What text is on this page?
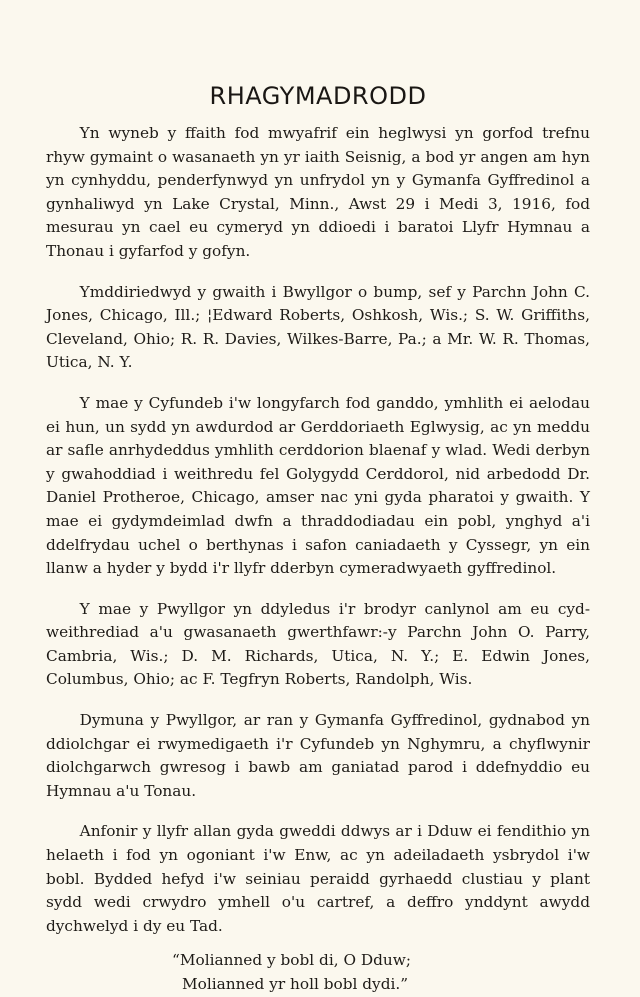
RHAGYMADRODD

Yn wyneb y ffaith fod mwyafrif ein heglwysi yn gorfod trefnu rhyw gymaint o wasanaeth yn yr iaith Seisnig, a bod yr angen am hyn yn cynhyddu, penderfynwyd yn unfrydol yn y Gymanfa Gyffredinol a gynhaliwyd yn Lake Crystal, Minn., Awst 29 i Medi 3, 1916, fod mesurau yn cael eu cymeryd yn ddioedi i baratoi Llyfr Hymnau a Thonau i gyfarfod y gofyn.

Ymddiriedwyd y gwaith i Bwyllgor o bump, sef y Parchn John C. Jones, Chicago, Ill.; ¦Edward Roberts, Oshkosh, Wis.; S. W. Griffiths, Cleveland, Ohio; R. R. Davies, Wilkes-Barre, Pa.; a Mr. W. R. Thomas, Utica, N. Y.

Y mae y Cyfundeb i'w longyfarch fod ganddo, ymhlith ei aelodau ei hun, un sydd yn awdurdod ar Gerddoriaeth Eglwysig, ac yn meddu ar safle anrhydeddus ymhlith cerddorion blaenaf y wlad. Wedi derbyn y gwahoddiad i weithredu fel Golygydd Cerddorol, nid arbedodd Dr. Daniel Protheroe, Chicago, amser nac yni gyda pharatoi y gwaith. Y mae ei gydymdeimlad dwfn a thraddodiadau ein pobl, ynghyd a'i ddelfrydau uchel o berthynas i safon caniadaeth y Cyssegr, yn ein llanw a hyder y bydd i'r llyfr dderbyn cymeradwyaeth gyffredinol.

Y mae y Pwyllgor yn ddyledus i'r brodyr canlynol am eu cyd-weithrediad a'u gwasanaeth gwerthfawr:-y Parchn John O. Parry, Cambria, Wis.; D. M. Richards, Utica, N. Y.; E. Edwin Jones, Columbus, Ohio; ac F. Tegfryn Roberts, Randolph, Wis.

Dymuna y Pwyllgor, ar ran y Gymanfa Gyffredinol, gydnabod yn ddiolchgar ei rwymedigaeth i'r Cyfundeb yn Nghymru, a chyflwynir diolchgarwch gwresog i bawb am ganiatad parod i ddefnyddio eu Hymnau a'u Tonau.

Anfonir y llyfr allan gyda gweddi ddwys ar i Dduw ei fendithio yn helaeth i fod yn ogoniant i'w Enw, ac yn adeiladaeth ysbrydol i'w bobl. Bydded hefyd i'w seiniau peraidd gyrhaedd clustiau y plant sydd wedi crwydro ymhell o'u cartref, a deffro ynddynt awydd dychwelyd i dy eu Tad.

“Molianned y bobl di, O Dduw;
Molianned yr holl bobl dydi.”
